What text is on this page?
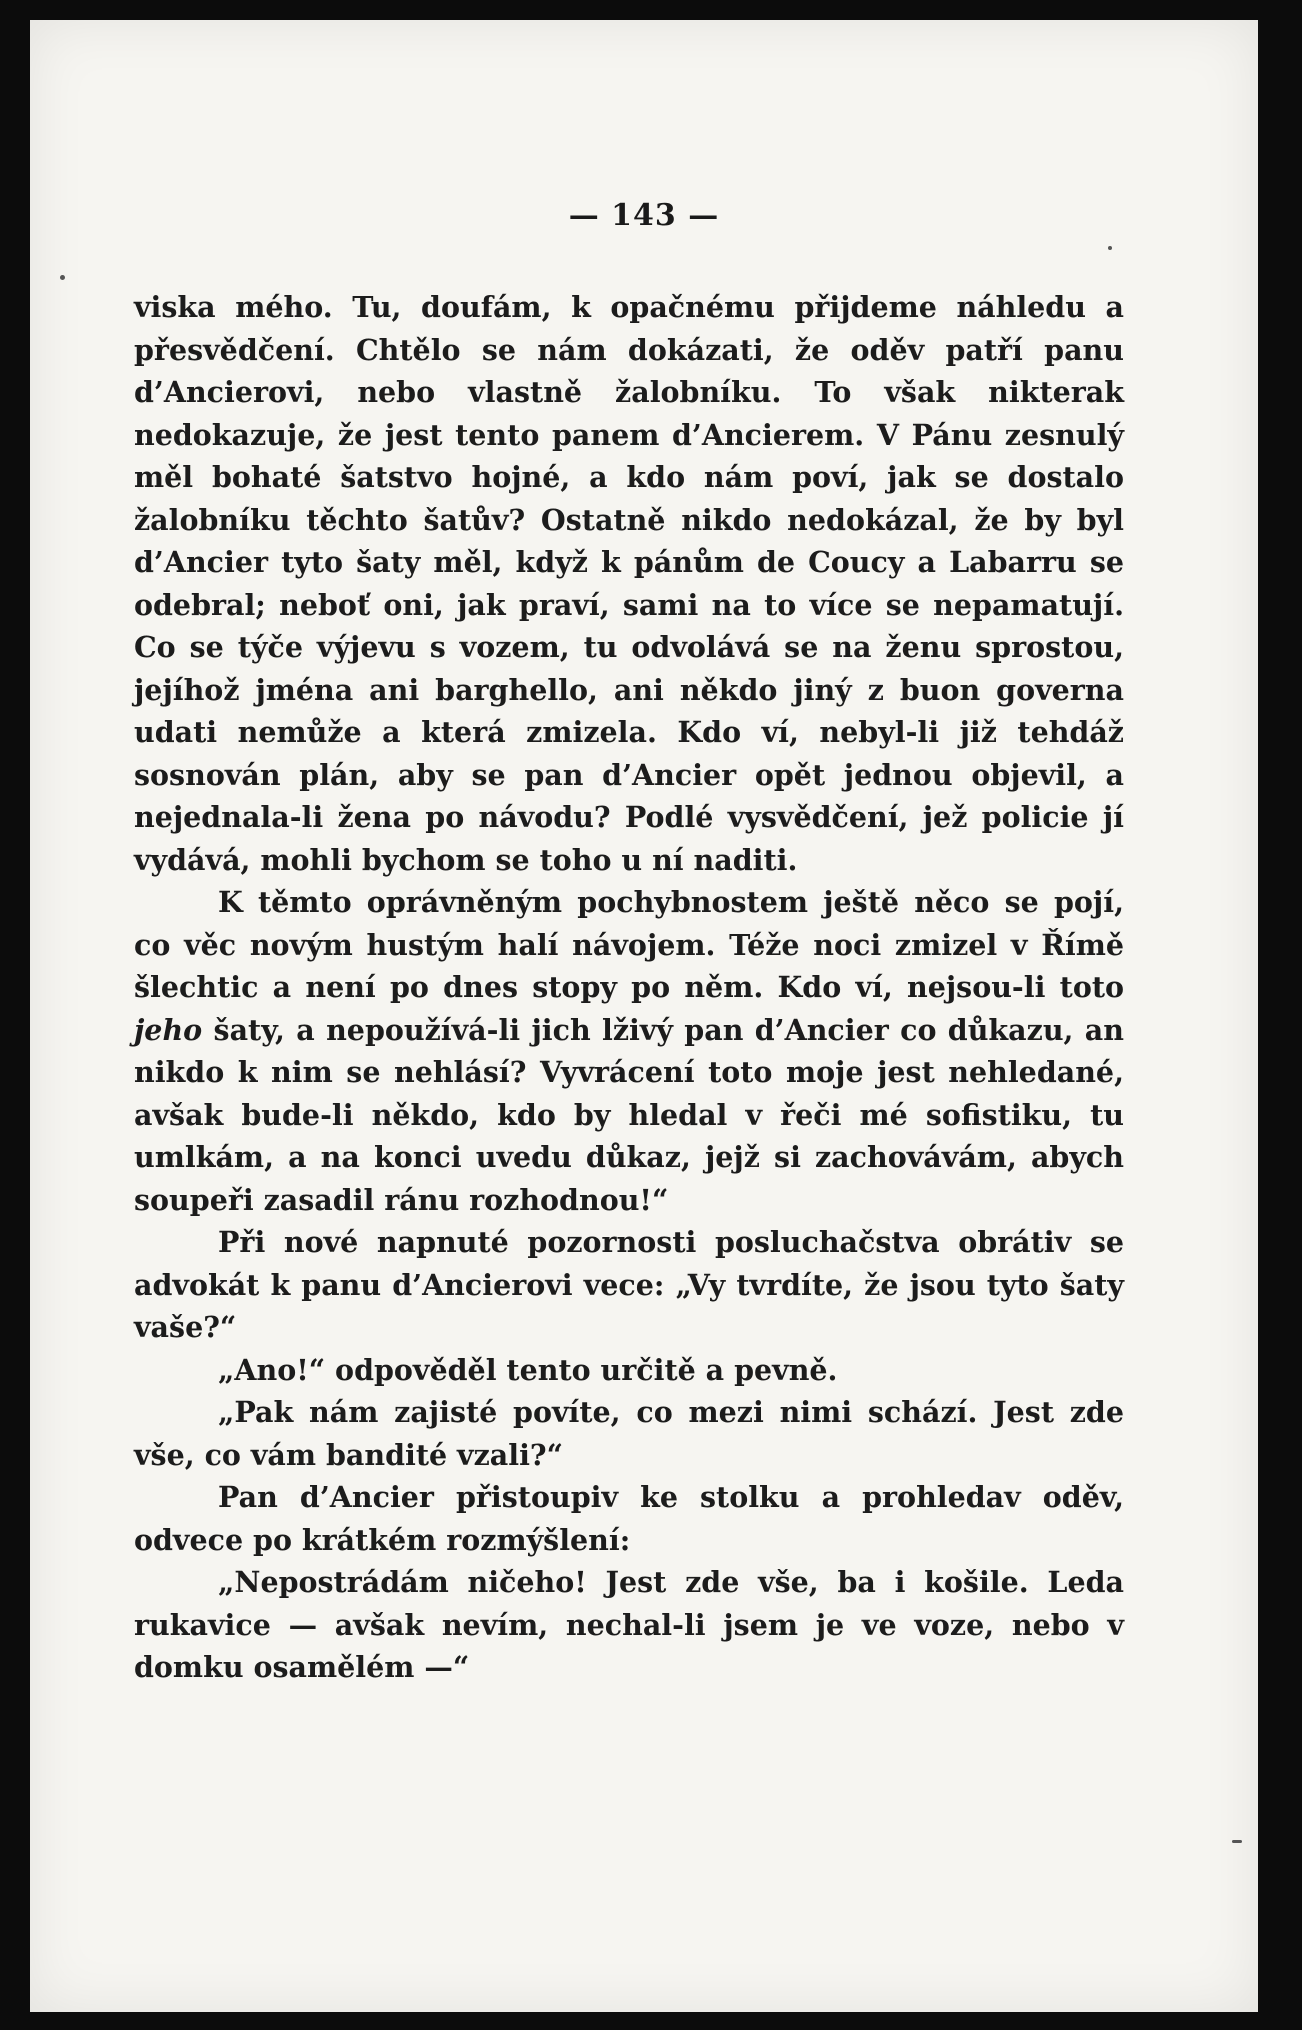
— 143 —

viska mého. Tu, doufám, k opačnému přijdeme náhledu a přesvědčení. Chtělo se nám dokázati, že oděv patří panu d’Ancierovi, nebo vlastně žalobníku. To však nikterak nedokazuje, že jest tento panem d’Ancierem. V Pánu zesnulý měl bohaté šatstvo hojné, a kdo nám poví, jak se dostalo žalobníku těchto šatův? Ostatně nikdo nedokázal, že by byl d’Ancier tyto šaty měl, když k pánům de Coucy a Labarru se odebral; neboť oni, jak praví, sami na to více se nepamatují. Co se týče výjevu s vozem, tu odvolává se na ženu sprostou, jejíhož jména ani barghello, ani někdo jiný z buon governa udati nemůže a která zmizela. Kdo ví, nebyl-li již tehdáž sosnován plán, aby se pan d’Ancier opět jednou objevil, a nejednala-li žena po návodu? Podlé vysvědčení, jež policie jí vydává, mohli bychom se toho u ní naditi.

K těmto oprávněným pochybnostem ještě něco se pojí, co věc novým hustým halí návojem. Téže noci zmizel v Římě šlechtic a není po dnes stopy po něm. Kdo ví, nejsou-li toto jeho šaty, a nepoužívá-li jich lživý pan d’Ancier co důkazu, an nikdo k nim se nehlásí? Vyvrácení toto moje jest nehledané, avšak bude-li někdo, kdo by hledal v řeči mé sofistiku, tu umlkám, a na konci uvedu důkaz, jejž si zachovávám, abych soupeři zasadil ránu rozhodnou!“

Při nové napnuté pozornosti posluchačstva obrátiv se advokát k panu d’Ancierovi vece: „Vy tvrdíte, že jsou tyto šaty vaše?“

„Ano!“ odpověděl tento určitě a pevně.

„Pak nám zajisté povíte, co mezi nimi schází. Jest zde vše, co vám bandité vzali?“

Pan d’Ancier přistoupiv ke stolku a prohledav oděv, odvece po krátkém rozmýšlení:

„Nepostrádám ničeho! Jest zde vše, ba i košile. Leda rukavice — avšak nevím, nechal-li jsem je ve voze, nebo v domku osamělém —“
